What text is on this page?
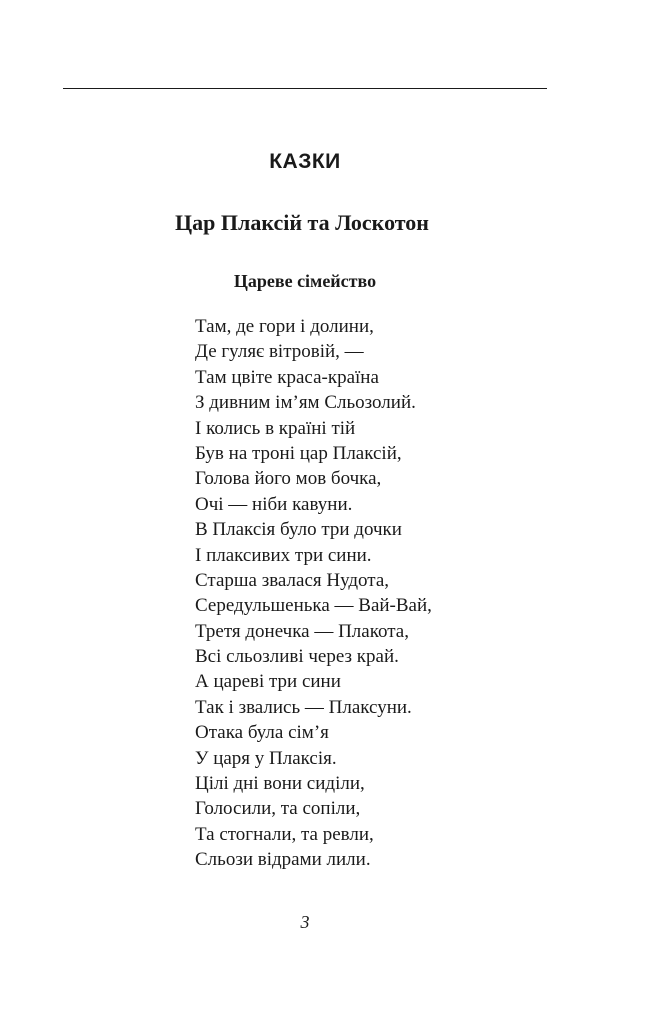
КАЗКИ
Цар Плаксій та Лоскотон
Цареве сімейство
Там, де гори і долини,
Де гуляє вітровій, —
Там цвіте краса-країна
З дивним ім’ям Сльозолий.
І колись в країні тій
Був на троні цар Плаксій,
Голова його мов бочка,
Очі — ніби кавуни.
В Плаксія було три дочки
І плаксивих три сини.
Старша звалася Нудота,
Середульшенька — Вай-Вай,
Третя донечка — Плакота,
Всі сльозливі через край.
А цареві три сини
Так і звались — Плаксуни.
Отака була сім’я
У царя у Плаксія.
Цілі дні вони сиділи,
Голосили, та сопіли,
Та стогнали, та ревли,
Сльози відрами лили.
3
